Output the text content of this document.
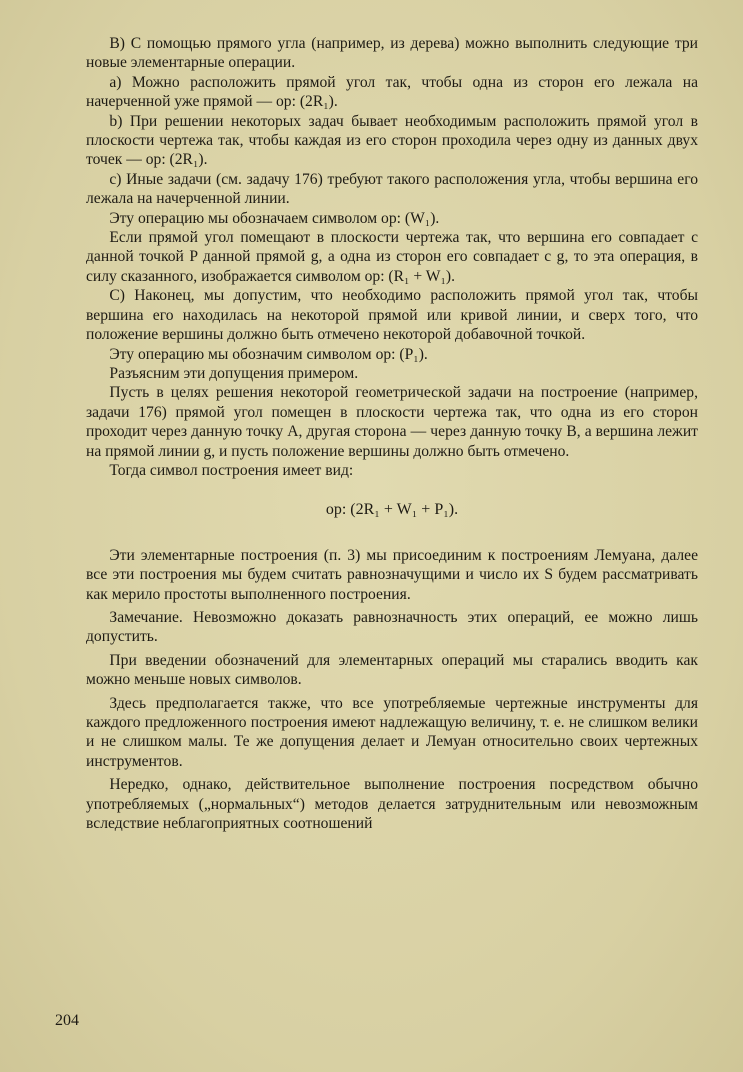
B) С помощью прямого угла (например, из дерева) можно выполнить следующие три новые элементарные операции.

а) Можно расположить прямой угол так, чтобы одна из сторон его лежала на начерченной уже прямой — ор: (2R₁).

b) При решении некоторых задач бывает необходимым расположить прямой угол в плоскости чертежа так, чтобы каждая из его сторон проходила через одну из данных двух точек — ор: (2R₁).

с) Иные задачи (см. задачу 176) требуют такого расположения угла, чтобы вершина его лежала на начерченной линии.

Эту операцию мы обозначаем символом ор: (W₁).

Если прямой угол помещают в плоскости чертежа так, что вершина его совпадает с данной точкой P данной прямой g, а одна из сторон его совпадает с g, то эта операция, в силу сказанного, изображается символом ор: (R₁ + W₁).

С) Наконец, мы допустим, что необходимо расположить прямой угол так, чтобы вершина его находилась на некоторой прямой или кривой линии, и сверх того, что положение вершины должно быть отмечено некоторой добавочной точкой.

Эту операцию мы обозначим символом ор: (P₁).

Разъясним эти допущения примером.

Пусть в целях решения некоторой геометрической задачи на построение (например, задачи 176) прямой угол помещен в плоскости чертежа так, что одна из его сторон проходит через данную точку A, другая сторона — через данную точку B, а вершина лежит на прямой линии g, и пусть положение вершины должно быть отмечено.

Тогда символ построения имеет вид:

ор: (2R₁ + W₁ + P₁).

Эти элементарные построения (п. 3) мы присоединим к построениям Лемуана, далее все эти построения мы будем считать равнозначущими и число их S будем рассматривать как мерило простоты выполненного построения.

Замечание. Невозможно доказать равнозначность этих операций, ее можно лишь допустить.

При введении обозначений для элементарных операций мы старались вводить как можно меньше новых символов.

Здесь предполагается также, что все употребляемые чертежные инструменты для каждого предложенного построения имеют надлежащую величину, т. е. не слишком велики и не слишком малы. Те же допущения делает и Лемуан относительно своих чертежных инструментов.

Нередко, однако, действительное выполнение построения посредством обычно употребляемых („нормальных“) методов делается затруднительным или невозможным вследствие неблагоприятных соотношений

204
